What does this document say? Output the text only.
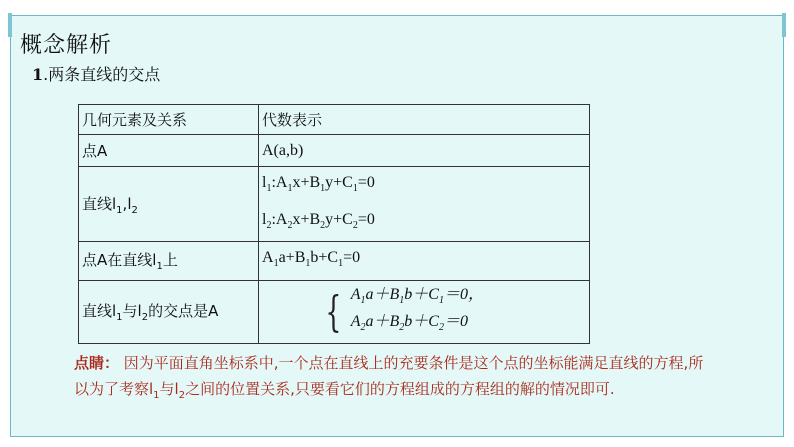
概念解析
1.两条直线的交点
几何元素及关系	代数表示
点A	A(a,b)
直线$l_1,l_2$	$l_1:A_1x+B_1y+C_1=0$
$l_2:A_2x+B_2y+C_2=0$

点A在直线$l_1$上	$A_1a+B_1b+C_1=0$
直线$l_1$与$l_2$的交点是A	{ $A_1a+B_1b+C_1=0$，
$A_2a+B_2b+C_2=0$
点睛： 因为平面直角坐标系中,一个点在直线上的充要条件是这个点的坐标能满足直线的方程,所以为了考察$l_1$与$l_2$之间的位置关系,只要看它们的方程组成的方程组的解的情况即可.
